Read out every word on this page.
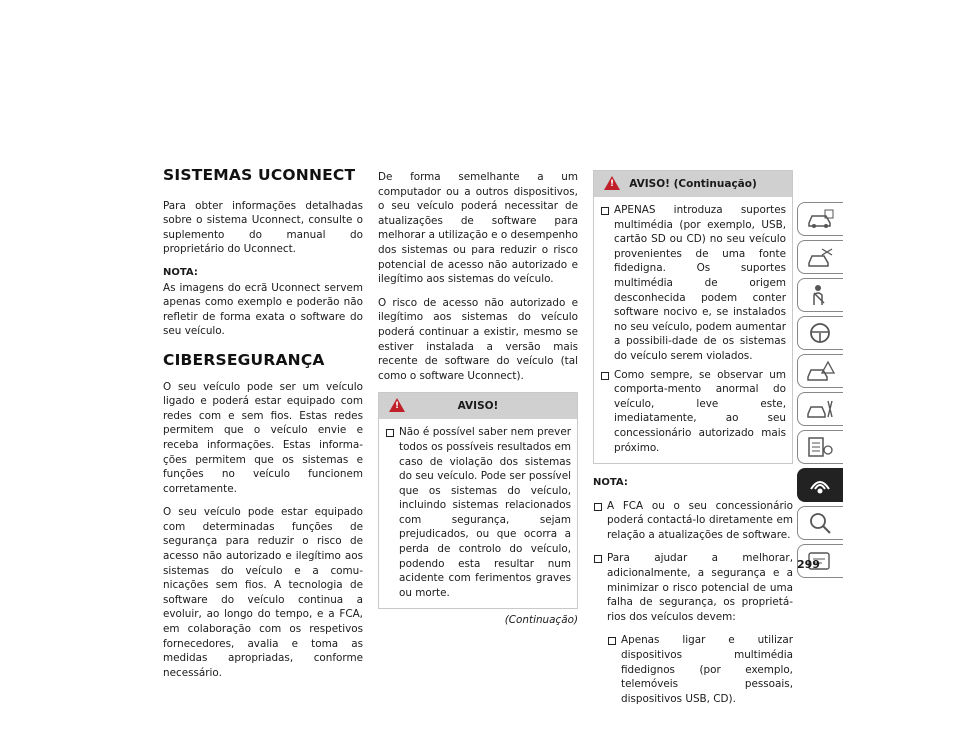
SISTEMAS UCONNECT

Para obter informações detalhadas sobre o sistema Uconnect, consulte o suplemento do manual do proprietário do Uconnect.

NOTA:
As imagens do ecrã Uconnect servem apenas como exemplo e poderão não refletir de forma exata o software do seu veículo.

CIBERSEGURANÇA

O seu veículo pode ser um veículo ligado e poderá estar equipado com redes com e sem fios. Estas redes permitem que o veículo envie e receba informações. Estas informa-ções permitem que os sistemas e funções no veículo funcionem corretamente.

O seu veículo pode estar equipado com determinadas funções de segurança para reduzir o risco de acesso não autorizado e ilegítimo aos sistemas do veículo e a comu-nicações sem fios. A tecnologia de software do veículo continua a evoluir, ao longo do tempo, e a FCA, em colaboração com os respetivos fornecedores, avalia e toma as medidas apropriadas, conforme necessário.

De forma semelhante a um computador ou a outros dispositivos, o seu veículo poderá necessitar de atualizações de software para melhorar a utilização e o desempenho dos sistemas ou para reduzir o risco potencial de acesso não autorizado e ilegítimo aos sistemas do veículo.

O risco de acesso não autorizado e ilegítimo aos sistemas do veículo poderá continuar a existir, mesmo se estiver instalada a versão mais recente de software do veículo (tal como o software Uconnect).

!
AVISO!
Não é possível saber nem prever todos os possíveis resultados em caso de violação dos sistemas do seu veículo. Pode ser possível que os sistemas do veículo, incluindo sistemas relacionados com segurança, sejam prejudicados, ou que ocorra a perda de controlo do veículo, podendo esta resultar num acidente com ferimentos graves ou morte.
(Continuação)
!
AVISO! (Continuação)
APENAS introduza suportes multimédia (por exemplo, USB, cartão SD ou CD) no seu veículo provenientes de uma fonte fidedigna. Os suportes multimédia de origem desconhecida podem conter software nocivo e, se instalados no seu veículo, podem aumentar a possibili-dade de os sistemas do veículo serem violados.
Como sempre, se observar um comporta-mento anormal do veículo, leve este, imediatamente, ao seu concessionário autorizado mais próximo.
NOTA:
A FCA ou o seu concessionário poderá contactá-lo diretamente em relação a atualizações de software.
Para ajudar a melhorar, adicionalmente, a segurança e a minimizar o risco potencial de uma falha de segurança, os proprietá-rios dos veículos devem:
Apenas ligar e utilizar dispositivos multimédia fidedignos (por exemplo, telemóveis pessoais, dispositivos USB, CD).
299
